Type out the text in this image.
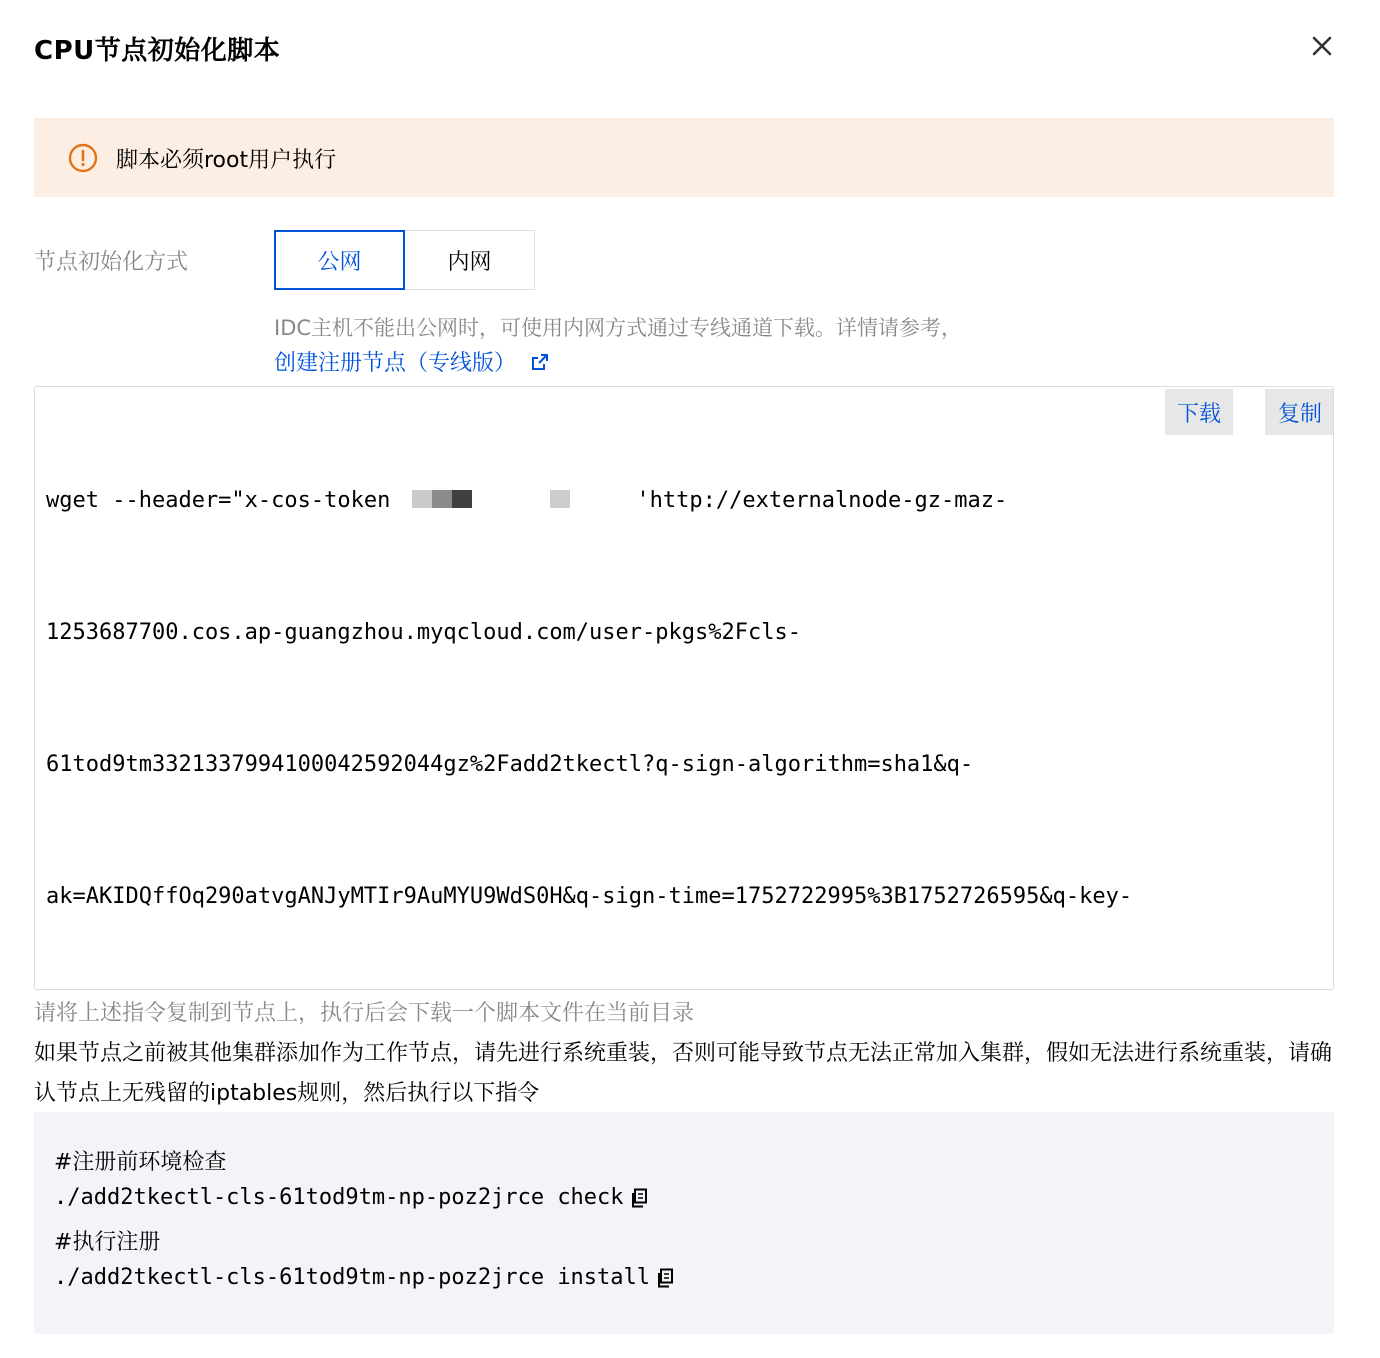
CPU节点初始化脚本
脚本必须root用户执行
节点初始化方式	公网	内网
IDC主机不能出公网时，可使用内网方式通过专线通道下载。详情请参考，
创建注册节点（专线版）

wget --header="x-cos-token	'http://externalnode-gz-maz-

1253687700.cos.ap-guangzhou.myqcloud.com/user-pkgs%2Fcls-

61tod9tm3321337994100042592044gz%2Fadd2tkectl?q-sign-algorithm=sha1&q-

ak=AKIDQffOq290atvgANJyMTIr9AuMYU9WdS0H&q-sign-time=1752722995%3B1752726595&q-key-

下载	复制
请将上述指令复制到节点上，执行后会下载一个脚本文件在当前目录
如果节点之前被其他集群添加作为工作节点，请先进行系统重装，否则可能导致节点无法正常加入集群，假如无法进行系统重装，请确认节点上无残留的iptables规则，然后执行以下指令
#注册前环境检查
./add2tkectl-cls-61tod9tm-np-poz2jrce check
#执行注册
./add2tkectl-cls-61tod9tm-np-poz2jrce install
